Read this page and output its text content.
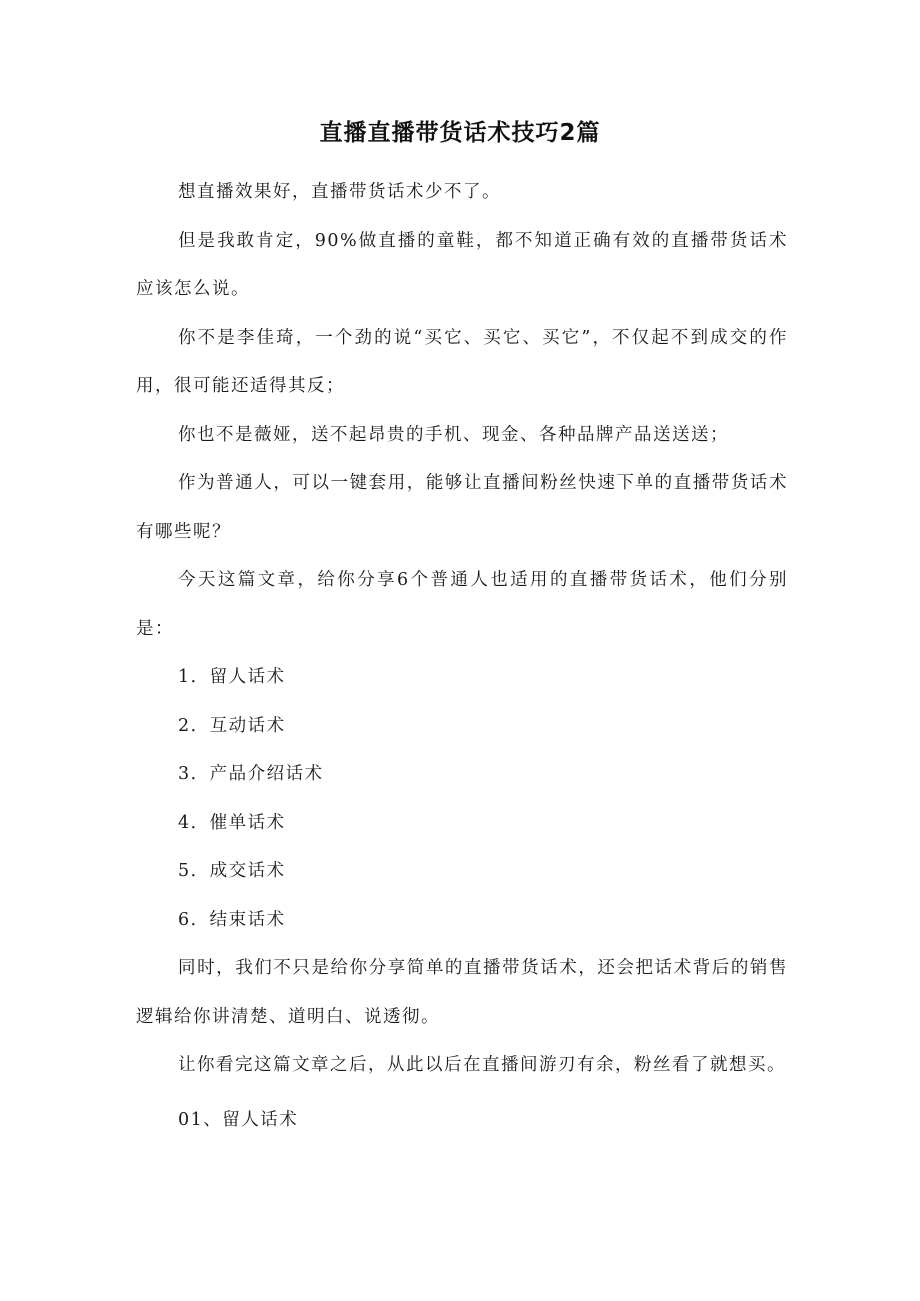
直播直播带货话术技巧2篇

想直播效果好，直播带货话术少不了。

但是我敢肯定，90%做直播的童鞋，都不知道正确有效的直播带货话术应该怎么说。

你不是李佳琦，一个劲的说“买它、买它、买它”，不仅起不到成交的作用，很可能还适得其反；

你也不是薇娅，送不起昂贵的手机、现金、各种品牌产品送送送；

作为普通人，可以一键套用，能够让直播间粉丝快速下单的直播带货话术有哪些呢？

今天这篇文章，给你分享6个普通人也适用的直播带货话术，他们分别是：

1．留人话术

2．互动话术

3．产品介绍话术

4．催单话术

5．成交话术

6．结束话术

同时，我们不只是给你分享简单的直播带货话术，还会把话术背后的销售逻辑给你讲清楚、道明白、说透彻。

让你看完这篇文章之后，从此以后在直播间游刃有余，粉丝看了就想买。

01、留人话术
